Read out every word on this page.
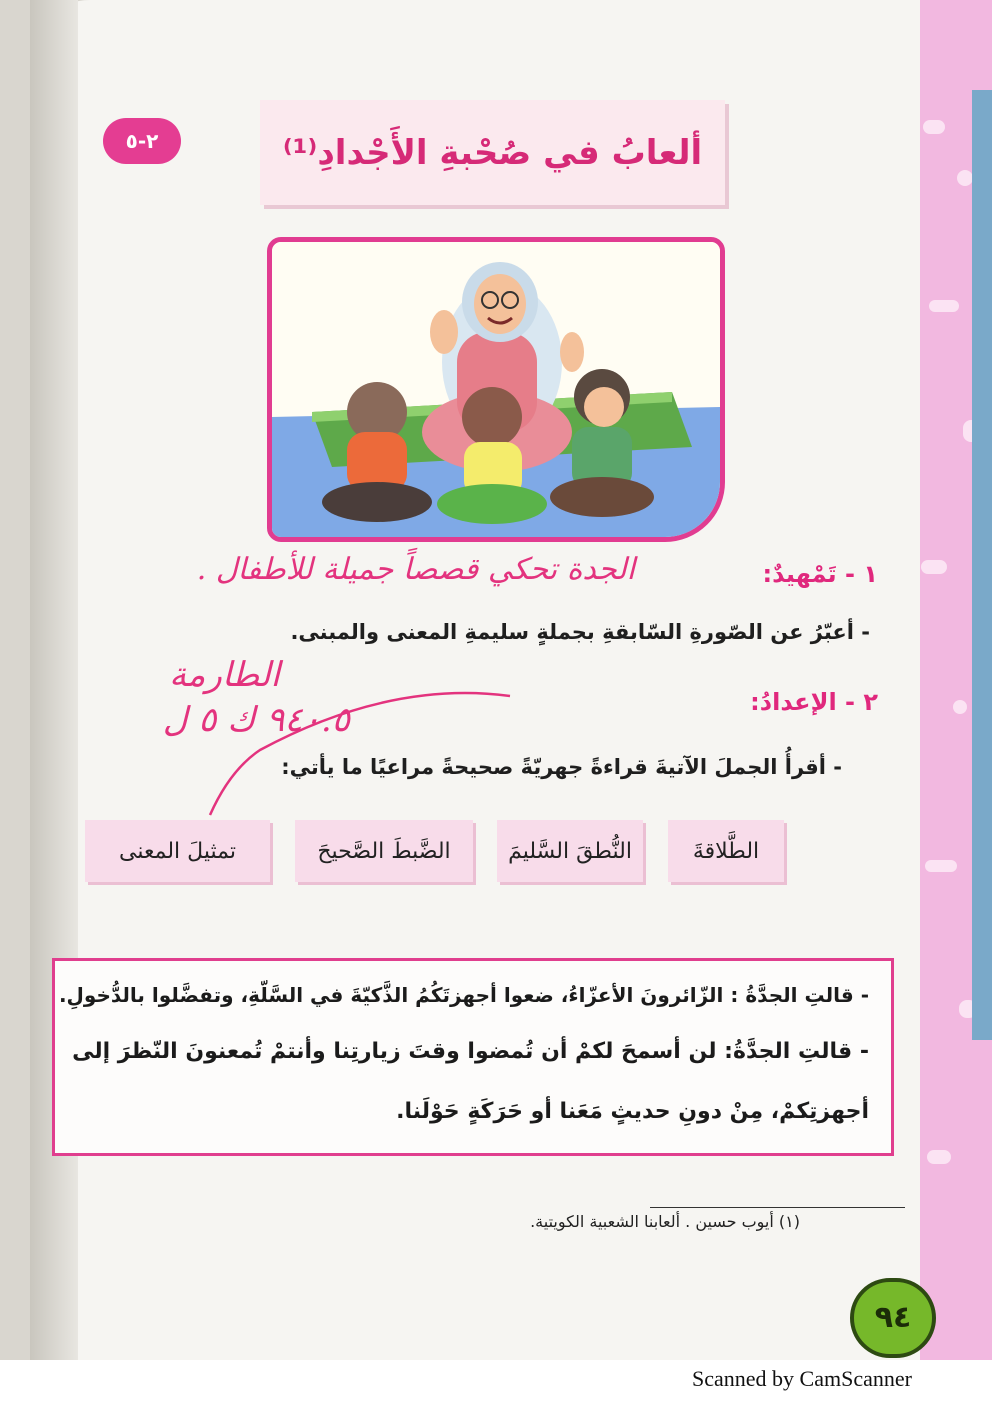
٢-٥	ألعابُ في صُحْبةِ الأَجْدادِ⁽¹⁾
١ - تَمْهيدٌ:
الجدة تحكي قصصاً جميلة للأطفال .
- أعبّرُ عن الصّورةِ السّابقةِ بجملةٍ سليمةِ المعنى والمبنى.
الطارمة
٩٤٠.٥ ك ٥ ل	٢ - الإعدادُ:
- أقرأُ الجملَ الآتيةَ قراءةً جهريّةً صحيحةً مراعيًا ما يأتي:
الطَّلاقةَ
النُّطقَ السَّليمَ
الضَّبطَ الصَّحيحَ
تمثيلَ المعنى
- قالتِ الجدَّةُ : الزّائرونَ الأعزّاءُ، ضعوا أجهزتَكُمُ الذَّكيّةَ في السَّلّةِ، وتفضَّلوا بالدُّخولِ.
- قالتِ الجدَّةُ: لن أسمحَ لكمْ أن تُمضوا وقتَ زيارتِنا وأنتمْ تُمعنونَ النّظرَ إلى
أجهزتِكمْ، مِنْ دونِ حديثٍ مَعَنا أو حَرَكَةٍ حَوْلَنا.
(١) أيوب حسين . ألعابنا الشعبية الكويتية.
٩٤
Scanned by CamScanner
